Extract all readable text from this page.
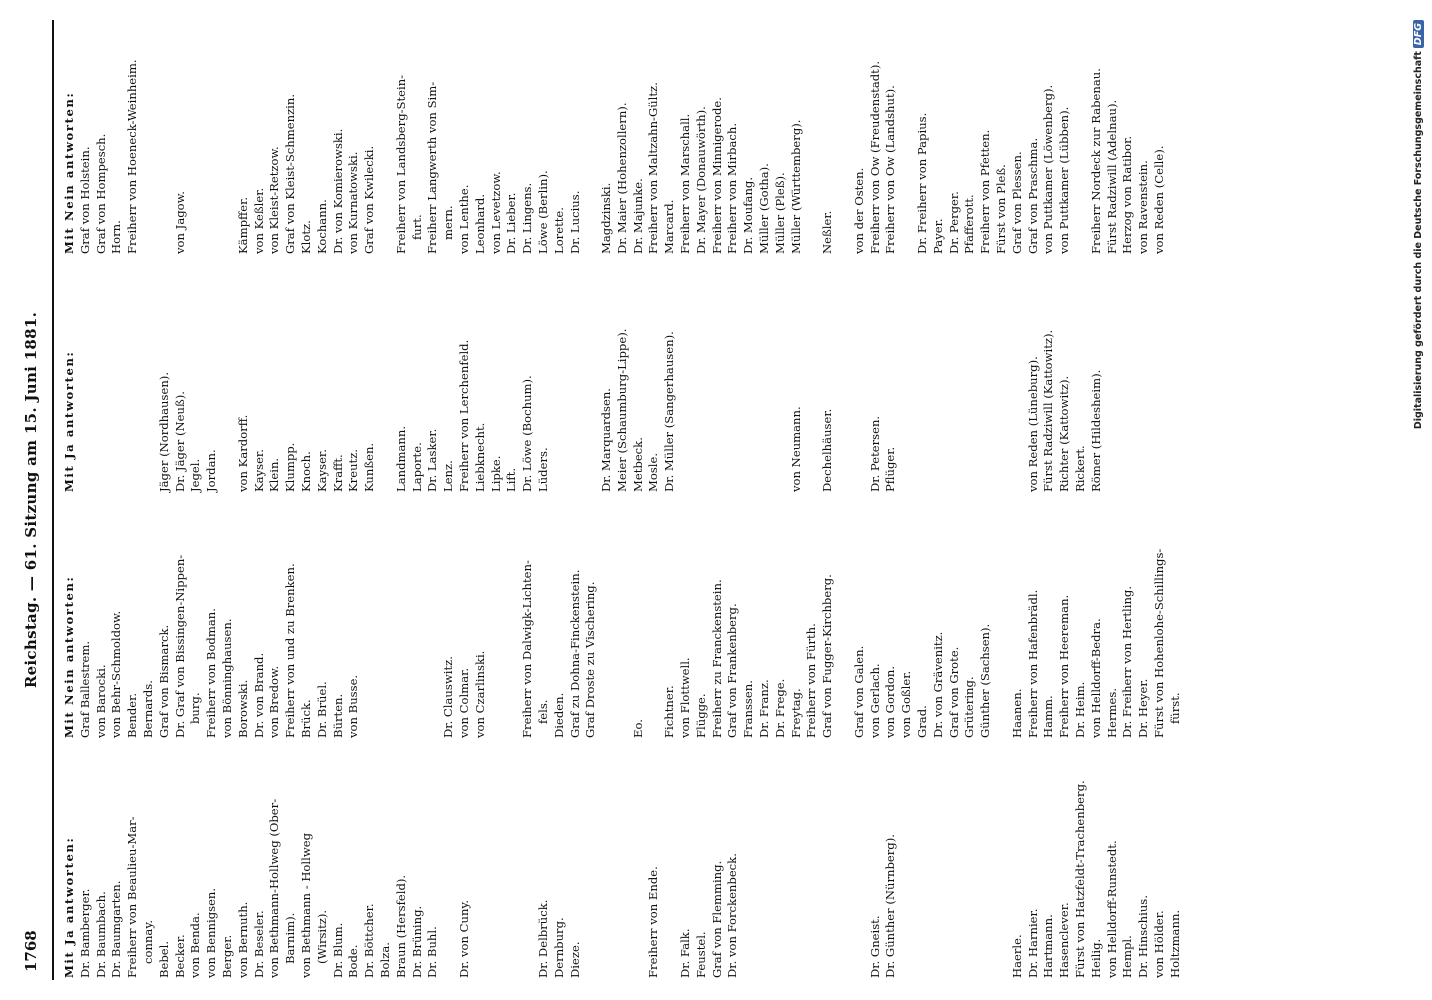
1768
Reichstag. — 61. Sitzung am 15. Juni 1881.
Mit Ja antworten: Dr. Bamberger. Dr. Baumbach. Dr. Baumgarten. Freiherr von Beaulieu-Mar- connay. Bebel. Becker. von Benda. von Bennigsen. Berger. von Bernuth. Dr. Beseler. von Bethmann-Hollweg (Ober- Barnim). von Bethmann - Hollweg (Wirsitz). Dr. Blum. Bode. Dr. Böttcher. Bolza. Braun (Hersfeld). Dr. Brüning. Dr. Buhl. Dr. von Cuny.	Dr. Delbrück. Dernburg. Dieze.	Freiherr von Ende. Dr. Falk. Feustel. Graf von Flemming. Dr. von Forckenbeck.	Dr. Gneist. Dr. Günther (Nürnberg).	Haerle. Dr. Harnier. Hartmann. Hasenclever. Fürst von Hatzfeldt-Trachenberg. Heilig. von Helldorff-Runstedt. Hempl. Dr. Hinschius. von Hölder. Holtzmann.
Mit Nein antworten: Graf Ballestrem. von Barocki. von Behr-Schmoldow. Bender. Bernards. Graf von Bismarck. Dr. Graf von Bissingen-Nippen- burg. Freiherr von Bodman. von Bönninghausen. Borowski. Dr. von Brand. von Bredow. Freiherr von und zu Brenken. Brück. Dr. Brüel. Bürten. von Busse.	Dr. Clauswitz. von Colmar. von Czarlinski.	Freiherr von Dalwigk-Lichten- fels. Dieden. Graf zu Dohna-Finckenstein. Graf Droste zu Vischering.	Eo. Fichtner. von Flottwell. Flügge. Freiherr zu Franckenstein. Graf von Frankenberg. Franssen. Dr. Franz. Dr. Frege. Freytag. Freiherr von Fürth. Graf von Fugger-Kirchberg. Graf von Galen. von Gerlach. von Gordon. von Goßler. Grad. Dr. von Grävenitz. Graf von Grote. Grütering. Günther (Sachsen). Haanen. Freiherr von Hafenbrädl. Hamm. Freiherr von Heereman. Dr. Heim. von Helldorff-Bedra. Hermes. Dr. Freiherr von Hertling. Dr. Heyer. Fürst von Hohenlohe-Schillings- fürst.
Mit Ja antworten:	Jäger (Nordhausen). Dr. Jäger (Neuß). Jegel. Jordan. von Kardorff. Kayser. Klein. Klumpp. Knoch. Kayser. Krafft. Kreutz. Kunßen. Landmann. Laporte. Dr. Lasker. Lenz. Freiherr von Lerchenfeld. Liebknecht. Lipke. Lift. Dr. Löwe (Bochum). Lüders.	Dr. Marquardsen. Meier (Schaumburg-Lippe). Metbeck. Mosle. Dr. Müller (Sangerhausen).	von Neumann. Dechelhäuser.	Dr. Petersen. Pflüger.	von Reden (Lüneburg). Fürst Radziwill (Kattowitz). Richter (Kattowitz). Rickert. Römer (Hildesheim).
Mit Nein antworten: Graf von Holstein. Graf von Hompesch. Horn. Freiherr von Hoeneck-Weinheim.	von Jagow.	Kämpffer. von Keßler. von Kleist-Retzow. Graf von Kleist-Schmenzin. Klotz. Kochann. Dr. von Komierowski. von Kurnatowski. Graf von Kwilecki. Freiherr von Landsberg-Stein- furt. Freiherr Langwerth von Sim- mern. von Lenthe. Leonhard. von Levetzow. Dr. Lieber. Dr. Lingens. Löwe (Berlin). Lorette. Dr. Lucius. Magdzinski. Dr. Maier (Hohenzollern). Dr. Majunke. Freiherr von Maltzahn-Gültz. Marcard. Freiherr von Marschall. Dr. Mayer (Donauwörth). Freiherr von Minnigerode. Freiherr von Mirbach. Dr. Moufang. Müller (Gotha). Müller (Pleß). Müller (Württemberg). Neßler. von der Osten. Freiherr von Ow (Freudenstadt). Freiherr von Ow (Landshut). Dr. Freiherr von Papius. Payer. Dr. Perger. Pfafferott. Freiherr von Pfetten. Fürst von Pleß. Graf von Plessen. Graf von Praschma. von Puttkamer (Löwenberg). von Puttkamer (Lübben). Freiherr Nordeck zur Rabenau. Fürst Radziwill (Adelnau). Herzog von Ratibor. von Ravenstein. von Reden (Celle).	Digitalisierung gefördert durch die Deutsche ForschungsgemeinschaftDFG
